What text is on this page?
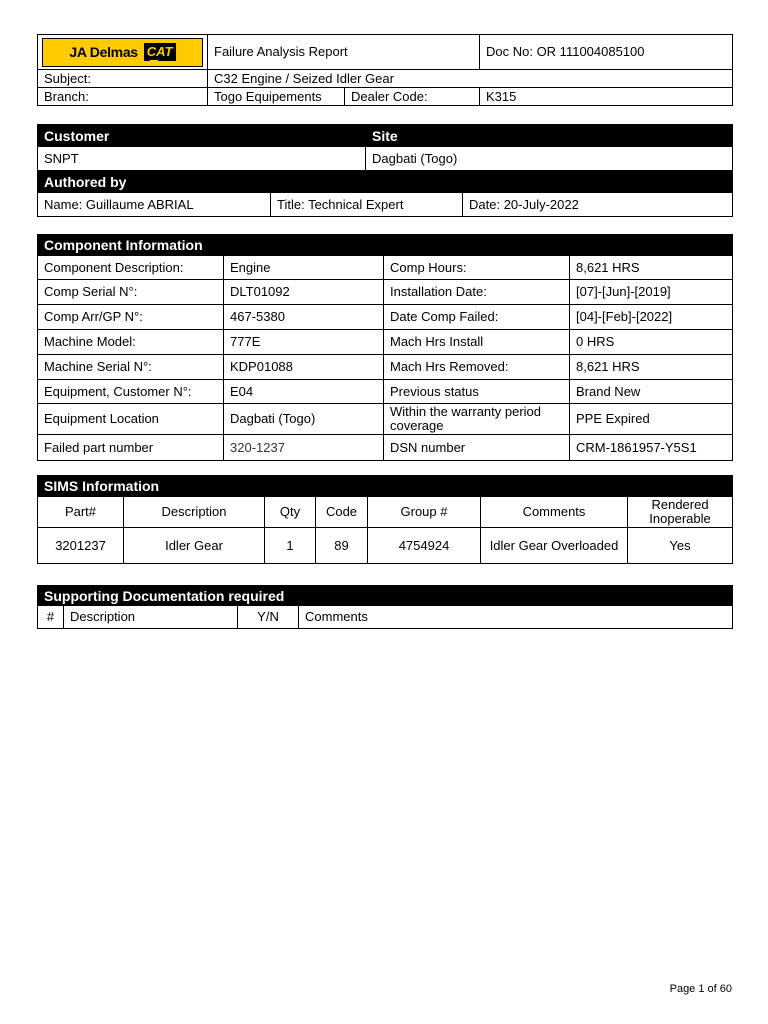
JA Delmas CAT	Failure Analysis Report	Doc No: OR 111004085100
Subject:	C32 Engine / Seized Idler Gear		
Branch:	Togo Equipements	Dealer Code:	K315
Customer		Site	
SNPT		Dagbati (Togo)	
Authored by			
Name: Guillaume ABRIAL	Title: Technical Expert		Date: 20-July-2022
Component Information			
Component Description:	Engine	Comp Hours:	8,621 HRS
Comp Serial N°:	DLT01092	Installation Date:	[07]-[Jun]-[2019]
Comp Arr/GP N°:	467-5380	Date Comp Failed:	[04]-[Feb]-[2022]
Machine Model:	777E	Mach Hrs Install	0 HRS
Machine Serial N°:	KDP01088	Mach Hrs Removed:	8,621 HRS
Equipment, Customer N°:	E04	Previous status	Brand New
Equipment Location	Dagbati (Togo)	Within the warranty period coverage	PPE Expired
Failed part number	320-1237	DSN number	CRM-1861957-Y5S1
SIMS Information						
Part#	Description	Qty	Code	Group #	Comments	Rendered Inoperable
3201237	Idler Gear	1	89	4754924	Idler Gear Overloaded	Yes
Supporting Documentation required
#	Description	Y/N	Comments
Page 1 of 60
